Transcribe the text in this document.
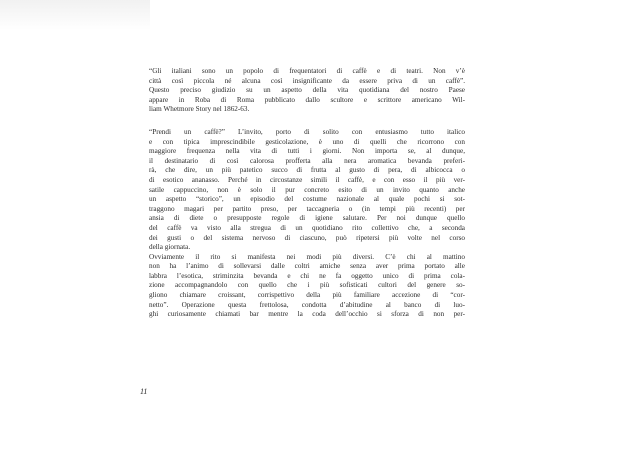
“Gli italiani sono un popolo di frequentatori di caffè e di teatri. Non v’è
città così piccola né alcuna così insignificante da essere priva di un caffè”.
Questo preciso giudizio su un aspetto della vita quotidiana del nostro Paese
appare in Roba di Roma pubblicato dallo scultore e scrittore americano Wil-
liam Whetmore Story nel 1862-63.
“Prendi un caffè?” L’invito, porto di solito con entusiasmo tutto italico
e con tipica imprescindibile gesticolazione, è uno di quelli che ricorrono con
maggiore frequenza nella vita di tutti i giorni. Non importa se, al dunque,
il destinatario di così calorosa profferta alla nera aromatica bevanda preferi-
rà, che dire, un più patetico succo di frutta al gusto di pera, di albicocca o
di esotico ananasso. Perché in circostanze simili il caffè, e con esso il più ver-
satile cappuccino, non è solo il pur concreto esito di un invito quanto anche
un aspetto “storico”, un episodio del costume nazionale al quale pochi si sot-
traggono magari per partito preso, per taccagneria o (in tempi più recenti) per
ansia di diete o presupposte regole di igiene salutare. Per noi dunque quello
del caffè va visto alla stregua di un quotidiano rito collettivo che, a seconda
dei gusti o del sistema nervoso di ciascuno, può ripetersi più volte nel corso
della giornata.
Ovviamente il rito si manifesta nei modi più diversi. C’è chi al mattino
non ha l’animo di sollevarsi dalle coltri amiche senza aver prima portato alle
labbra l’esotica, striminzita bevanda e chi ne fa oggetto unico di prima cola-
zione accompagnandolo con quello che i più sofisticati cultori del genere so-
gliono chiamare croissant, corrispettivo della più familiare accezione di “cor-
netto”. Operazione questa frettolosa, condotta d’abitudine al banco di luo-
ghi curiosamente chiamati bar mentre la coda dell’occhio si sforza di non per-
11
